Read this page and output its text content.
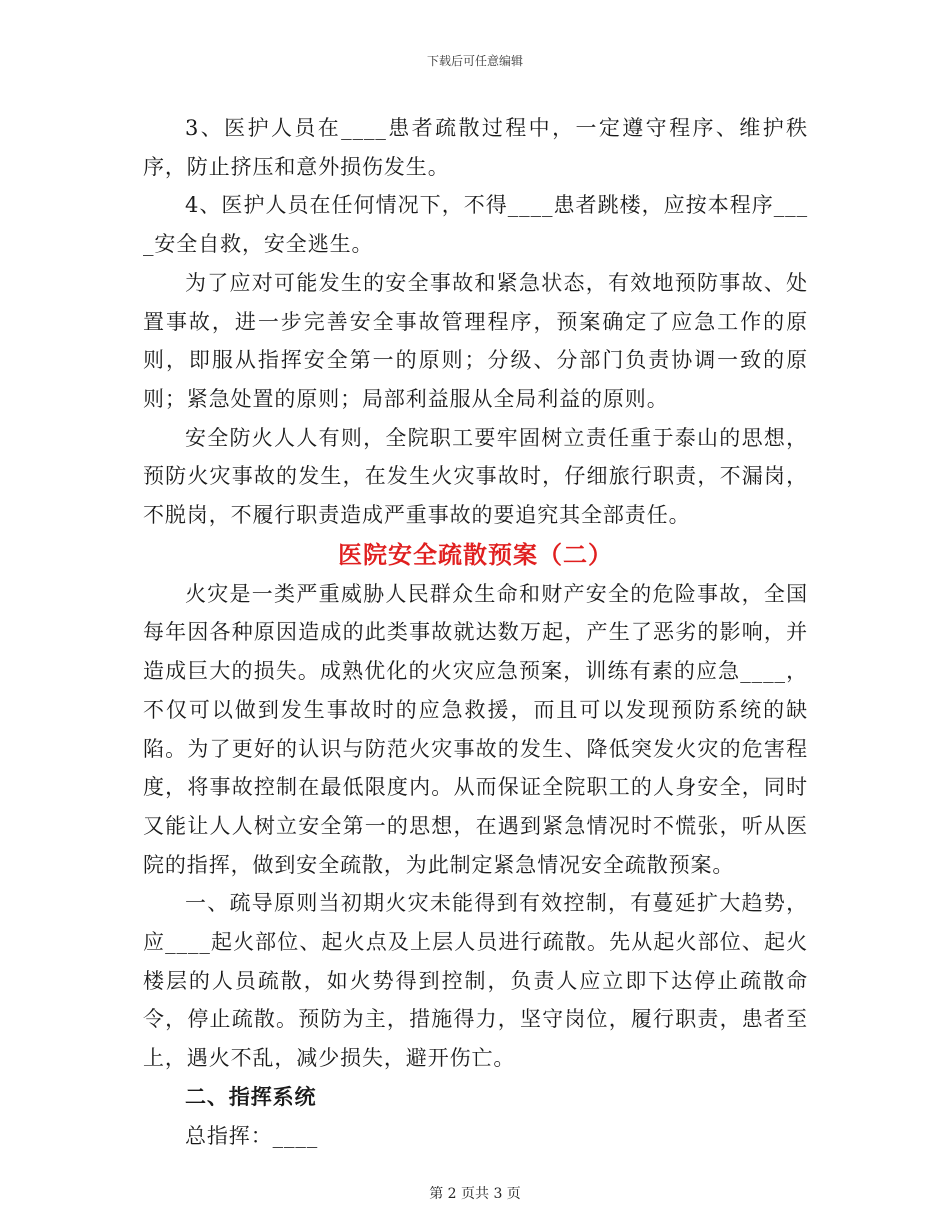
下载后可任意编辑

3、医护人员在____患者疏散过程中，一定遵守程序、维护秩序，防止挤压和意外损伤发生。

4、医护人员在任何情况下，不得____患者跳楼，应按本程序____安全自救，安全逃生。

为了应对可能发生的安全事故和紧急状态，有效地预防事故、处置事故，进一步完善安全事故管理程序，预案确定了应急工作的原则，即服从指挥安全第一的原则；分级、分部门负责协调一致的原则；紧急处置的原则；局部利益服从全局利益的原则。

安全防火人人有则，全院职工要牢固树立责任重于泰山的思想，预防火灾事故的发生，在发生火灾事故时，仔细旅行职责，不漏岗，不脱岗，不履行职责造成严重事故的要追究其全部责任。

医院安全疏散预案（二）

火灾是一类严重威胁人民群众生命和财产安全的危险事故，全国每年因各种原因造成的此类事故就达数万起，产生了恶劣的影响，并造成巨大的损失。成熟优化的火灾应急预案，训练有素的应急____，不仅可以做到发生事故时的应急救援，而且可以发现预防系统的缺陷。为了更好的认识与防范火灾事故的发生、降低突发火灾的危害程度，将事故控制在最低限度内。从而保证全院职工的人身安全，同时又能让人人树立安全第一的思想，在遇到紧急情况时不慌张，听从医院的指挥，做到安全疏散，为此制定紧急情况安全疏散预案。

一、疏导原则当初期火灾未能得到有效控制，有蔓延扩大趋势，应____起火部位、起火点及上层人员进行疏散。先从起火部位、起火楼层的人员疏散，如火势得到控制，负责人应立即下达停止疏散命令，停止疏散。预防为主，措施得力，坚守岗位，履行职责，患者至上，遇火不乱，减少损失，避开伤亡。

二、指挥系统

总指挥：____

第 2 页共 3 页
